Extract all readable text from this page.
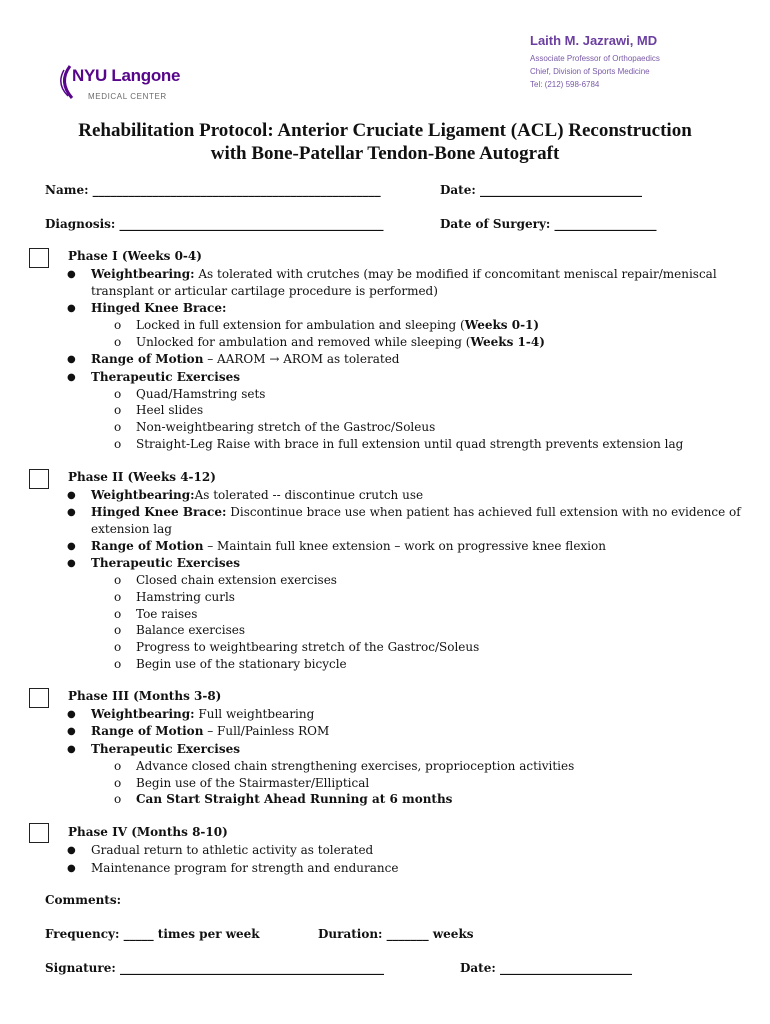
NYU Langone
MEDICAL CENTER
Laith M. Jazrawi, MD
Associate Professor of Orthopaedics
Chief, Division of Sports Medicine
Tel: (212) 598-6784
Rehabilitation Protocol: Anterior Cruciate Ligament (ACL) Reconstruction
with Bone-Patellar Tendon-Bone Autograft
Name: ________________________________________________	Date: ___________________________
Diagnosis: ____________________________________________	Date of Surgery: _________________
Phase I (Weeks 0-4)
● Weightbearing: As tolerated with crutches (may be modified if concomitant meniscal repair/meniscal
transplant or articular cartilage procedure is performed)
● Hinged Knee Brace:
o Locked in full extension for ambulation and sleeping (Weeks 0-1)
o Unlocked for ambulation and removed while sleeping (Weeks 1-4)
● Range of Motion – AAROM → AROM as tolerated
● Therapeutic Exercises
o Quad/Hamstring sets
o Heel slides
o Non-weightbearing stretch of the Gastroc/Soleus
o Straight-Leg Raise with brace in full extension until quad strength prevents extension lag
Phase II (Weeks 4-12)
● Weightbearing:As tolerated -- discontinue crutch use
● Hinged Knee Brace: Discontinue brace use when patient has achieved full extension with no evidence of
extension lag
● Range of Motion – Maintain full knee extension – work on progressive knee flexion
● Therapeutic Exercises
o Closed chain extension exercises
o Hamstring curls
o Toe raises
o Balance exercises
o Progress to weightbearing stretch of the Gastroc/Soleus
o Begin use of the stationary bicycle
Phase III (Months 3-8)
● Weightbearing: Full weightbearing
● Range of Motion – Full/Painless ROM
● Therapeutic Exercises
o Advance closed chain strengthening exercises, proprioception activities
o Begin use of the Stairmaster/Elliptical
o Can Start Straight Ahead Running at 6 months
Phase IV (Months 8-10)
● Gradual return to athletic activity as tolerated
● Maintenance program for strength and endurance
Comments:
Frequency: _____ times per week	Duration: _______ weeks
Signature: ____________________________________________	Date: ______________________
